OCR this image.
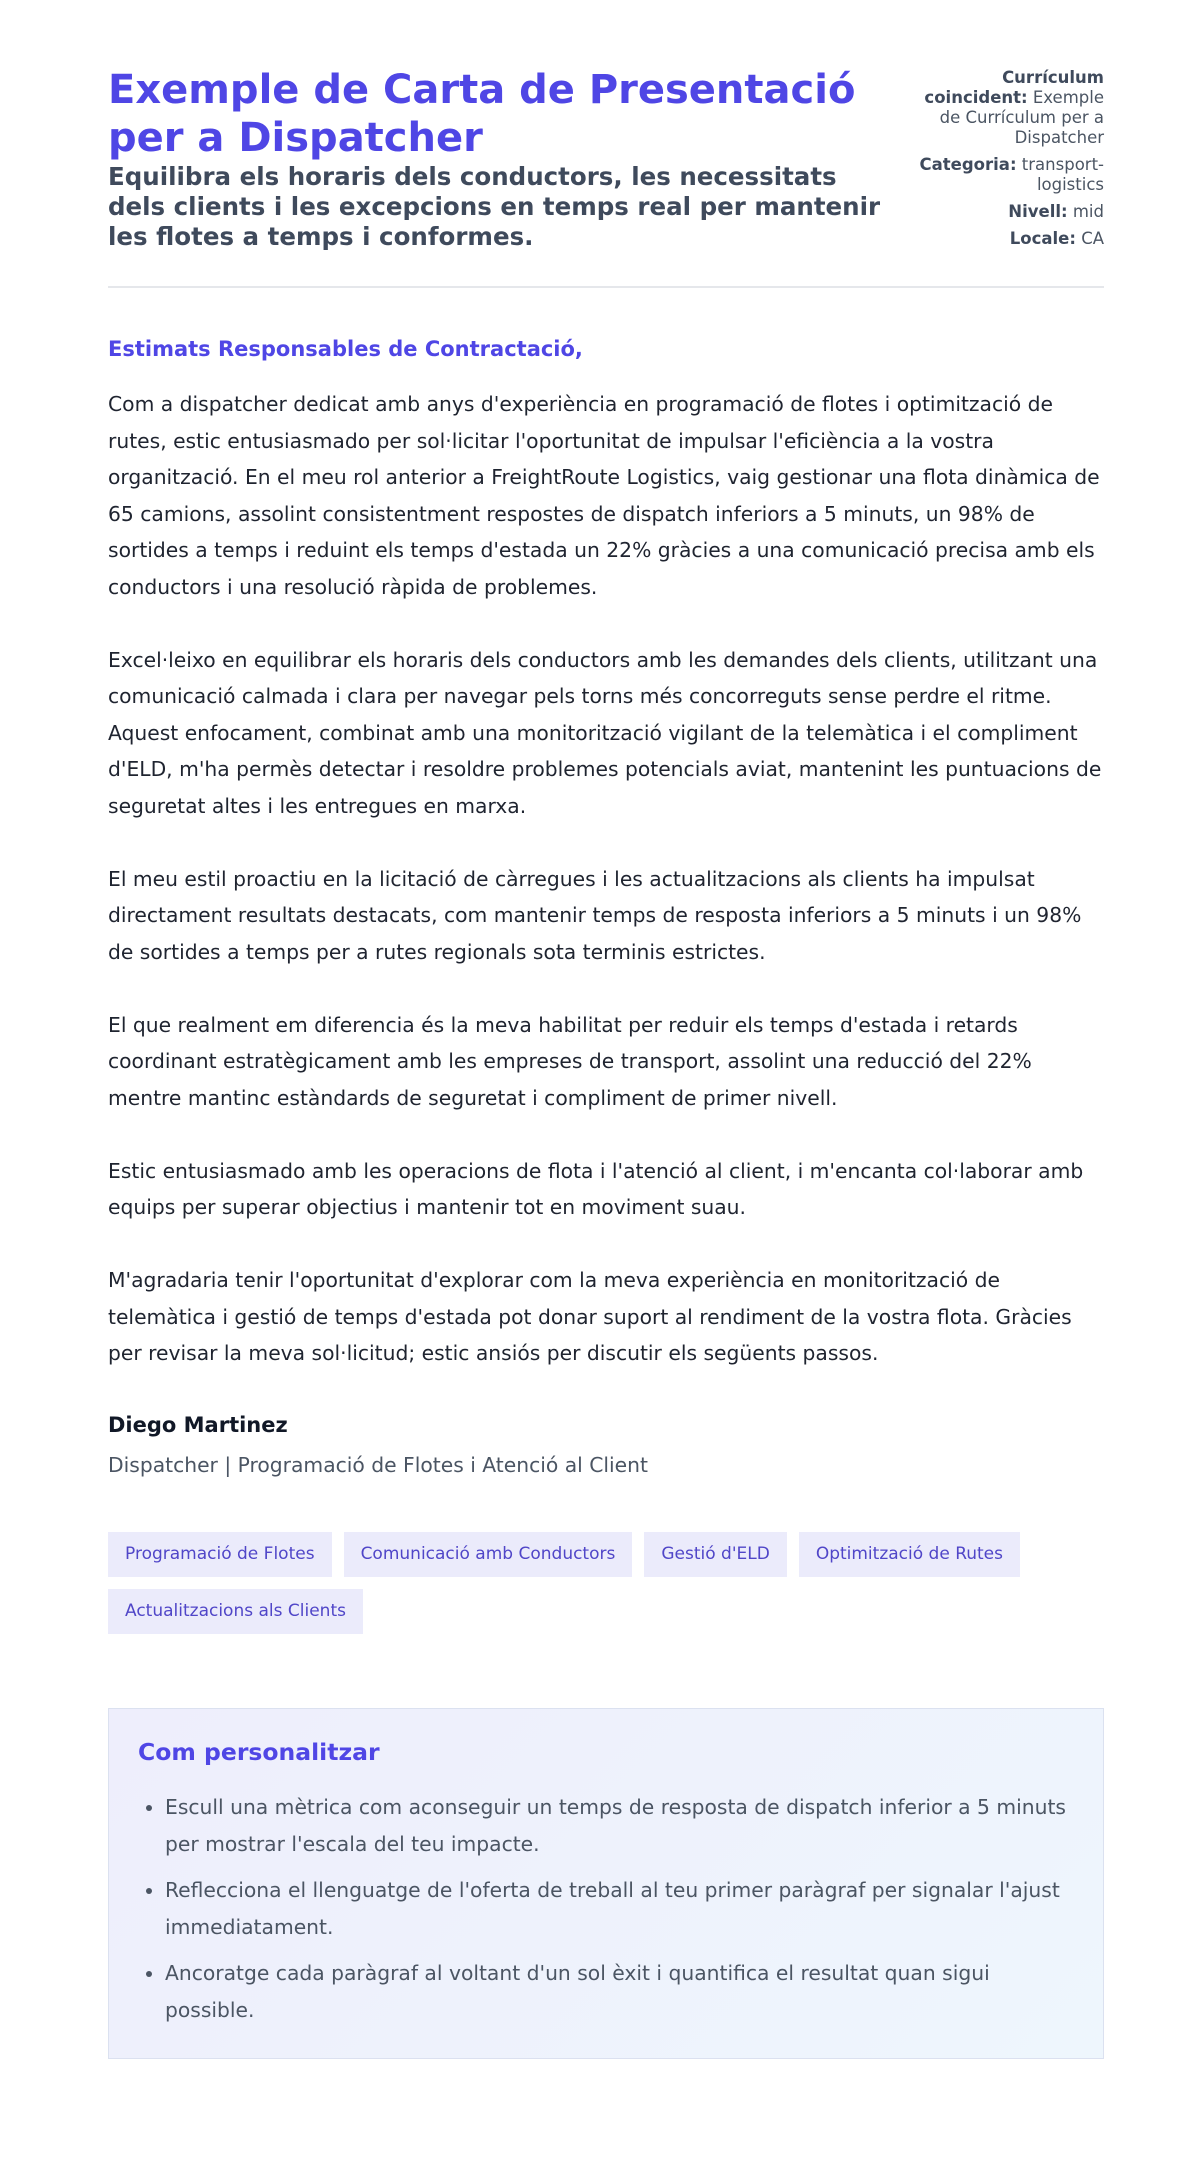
Exemple de Carta de Presentació per a Dispatcher

Equilibra els horaris dels conductors, les necessitats dels clients i les excepcions en temps real per mantenir les flotes a temps i conformes.

Currículum coincident: Exemple de Currículum per a Dispatcher
Categoria: transport-logistics
Nivell: mid
Locale: CA
Estimats Responsables de Contractació,

Com a dispatcher dedicat amb anys d'experiència en programació de flotes i optimització de rutes, estic entusiasmado per sol·licitar l'oportunitat de impulsar l'eficiència a la vostra organització. En el meu rol anterior a FreightRoute Logistics, vaig gestionar una flota dinàmica de 65 camions, assolint consistentment respostes de dispatch inferiors a 5 minuts, un 98% de sortides a temps i reduint els temps d'estada un 22% gràcies a una comunicació precisa amb els conductors i una resolució ràpida de problemes.

Excel·leixo en equilibrar els horaris dels conductors amb les demandes dels clients, utilitzant una comunicació calmada i clara per navegar pels torns més concorreguts sense perdre el ritme. Aquest enfocament, combinat amb una monitorització vigilant de la telemàtica i el compliment d'ELD, m'ha permès detectar i resoldre problemes potencials aviat, mantenint les puntuacions de seguretat altes i les entregues en marxa.

El meu estil proactiu en la licitació de càrregues i les actualitzacions als clients ha impulsat directament resultats destacats, com mantenir temps de resposta inferiors a 5 minuts i un 98% de sortides a temps per a rutes regionals sota terminis estrictes.

El que realment em diferencia és la meva habilitat per reduir els temps d'estada i retards coordinant estratègicament amb les empreses de transport, assolint una reducció del 22% mentre mantinc estàndards de seguretat i compliment de primer nivell.

Estic entusiasmado amb les operacions de flota i l'atenció al client, i m'encanta col·laborar amb equips per superar objectius i mantenir tot en moviment suau.

M'agradaria tenir l'oportunitat d'explorar com la meva experiència en monitorització de telemàtica i gestió de temps d'estada pot donar suport al rendiment de la vostra flota. Gràcies per revisar la meva sol·licitud; estic ansiós per discutir els següents passos.

Diego Martinez
Dispatcher | Programació de Flotes i Atenció al Client
Programació de Flotes	Comunicació amb Conductors	Gestió d'ELD	Optimització de Rutes
Actualitzacions als Clients
Com personalitzar
• Escull una mètrica com aconseguir un temps de resposta de dispatch inferior a 5 minuts per mostrar l'escala del teu impacte.
• Reflecciona el llenguatge de l'oferta de treball al teu primer paràgraf per signalar l'ajust immediatament.
• Ancoratge cada paràgraf al voltant d'un sol èxit i quantifica el resultat quan sigui possible.
